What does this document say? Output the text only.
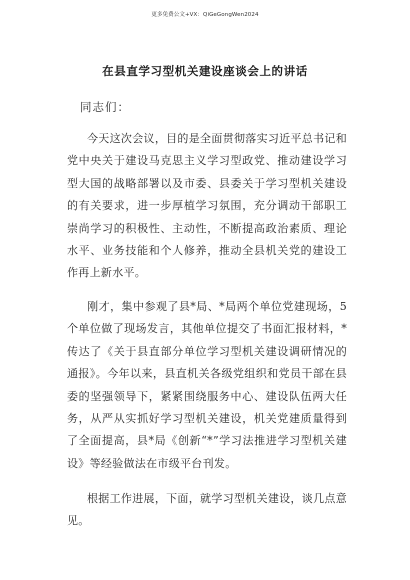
更多免费公文+VX：QiGeGongWen2024
在县直学习型机关建设座谈会上的讲话
同志们：

今天这次会议，目的是全面贯彻落实习近平总书记和党中央关于建设马克思主义学习型政党、推动建设学习型大国的战略部署以及市委、县委关于学习型机关建设的有关要求，进一步厚植学习氛围，充分调动干部职工崇尚学习的积极性、主动性，不断提高政治素质、理论水平、业务技能和个人修养，推动全县机关党的建设工作再上新水平。

刚才，集中参观了县*局、*局两个单位党建现场，5个单位做了现场发言，其他单位提交了书面汇报材料，*传达了《关于县直部分单位学习型机关建设调研情况的通报》。今年以来，县直机关各级党组织和党员干部在县委的坚强领导下，紧紧围绕服务中心、建设队伍两大任务，从严从实抓好学习型机关建设，机关党建质量得到了全面提高，县*局《创新“*”学习法推进学习型机关建设》等经验做法在市级平台刊发。

根据工作进展，下面，就学习型机关建设，谈几点意见。
